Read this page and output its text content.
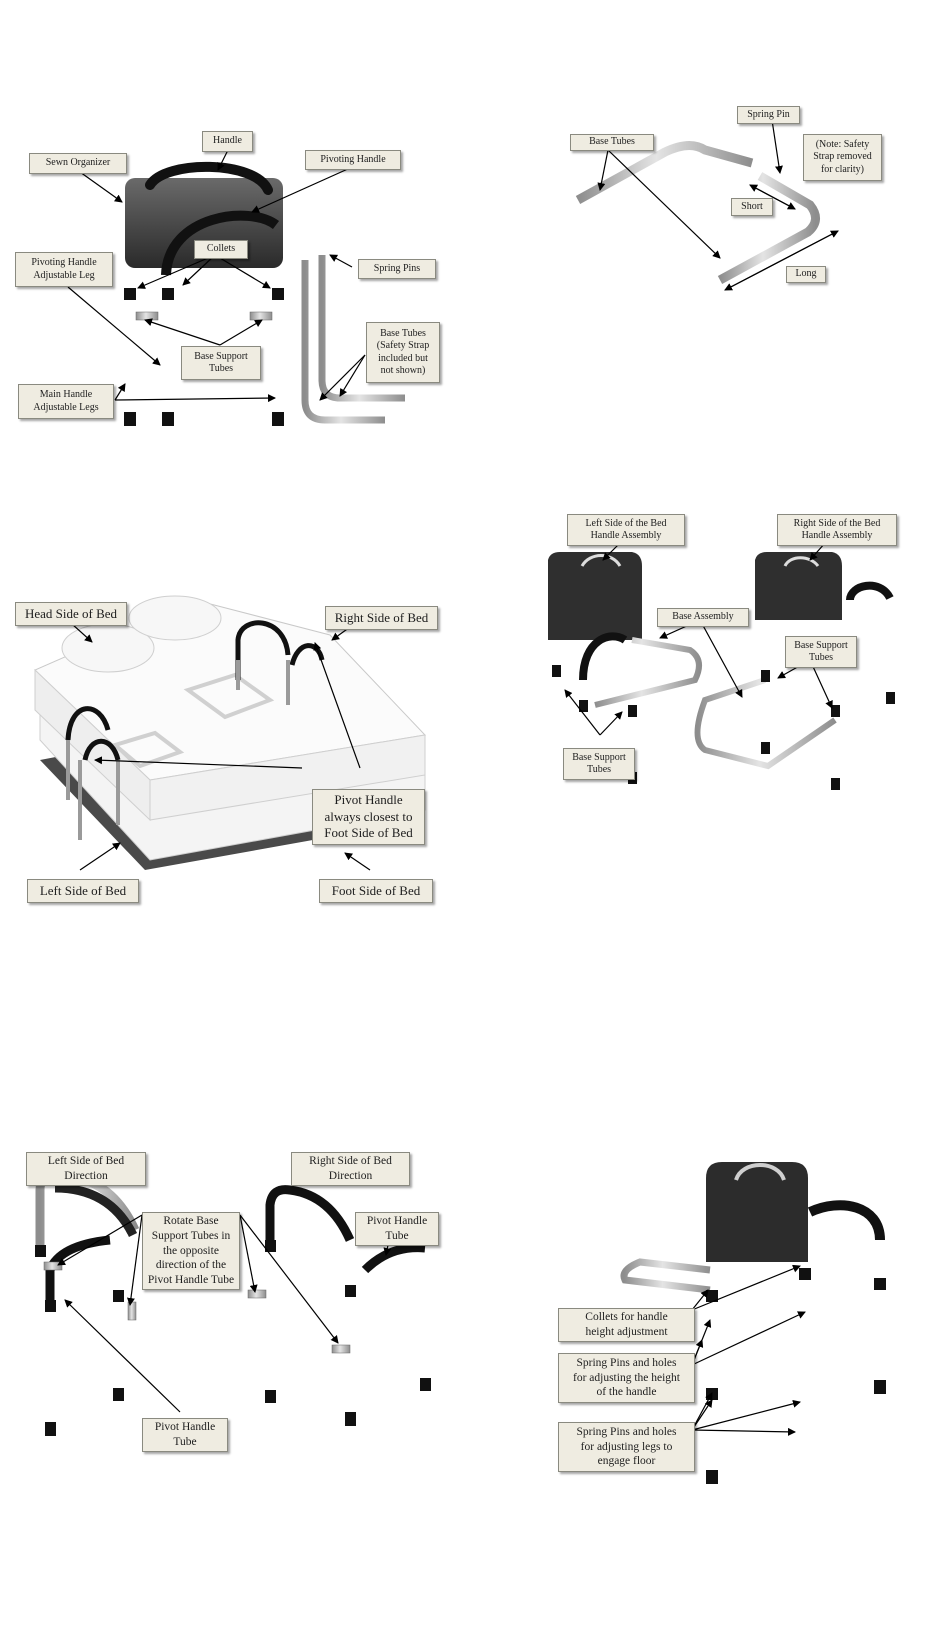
Handle
Sewn Organizer	Pivoting Handle
Collets
Pivoting Handle
Adjustable Leg
Spring Pins
Base Tubes
(Safety Strap
included but
not shown)
Base Support
Tubes
Main Handle
Adjustable Legs
Spring Pin
Base Tubes	(Note: Safety
Strap removed
for clarity)
Short
Long
Head Side of Bed	Right Side of Bed
Pivot Handle
always closest to
Foot Side of Bed
Left Side of Bed	Foot Side of Bed
Left Side of the Bed
Handle Assembly
Right Side of the Bed
Handle Assembly
Base Assembly
Base Support
Tubes
Base Support
Tubes
Left Side of Bed
Direction
Right Side of Bed
Direction
Rotate Base
Support Tubes in
the opposite
direction of the
Pivot Handle Tube
Pivot Handle
Tube
Pivot Handle
Tube
Collets for handle
height adjustment
Spring Pins and holes
for adjusting the height
of the handle
Spring Pins and holes
for adjusting legs to
engage floor
